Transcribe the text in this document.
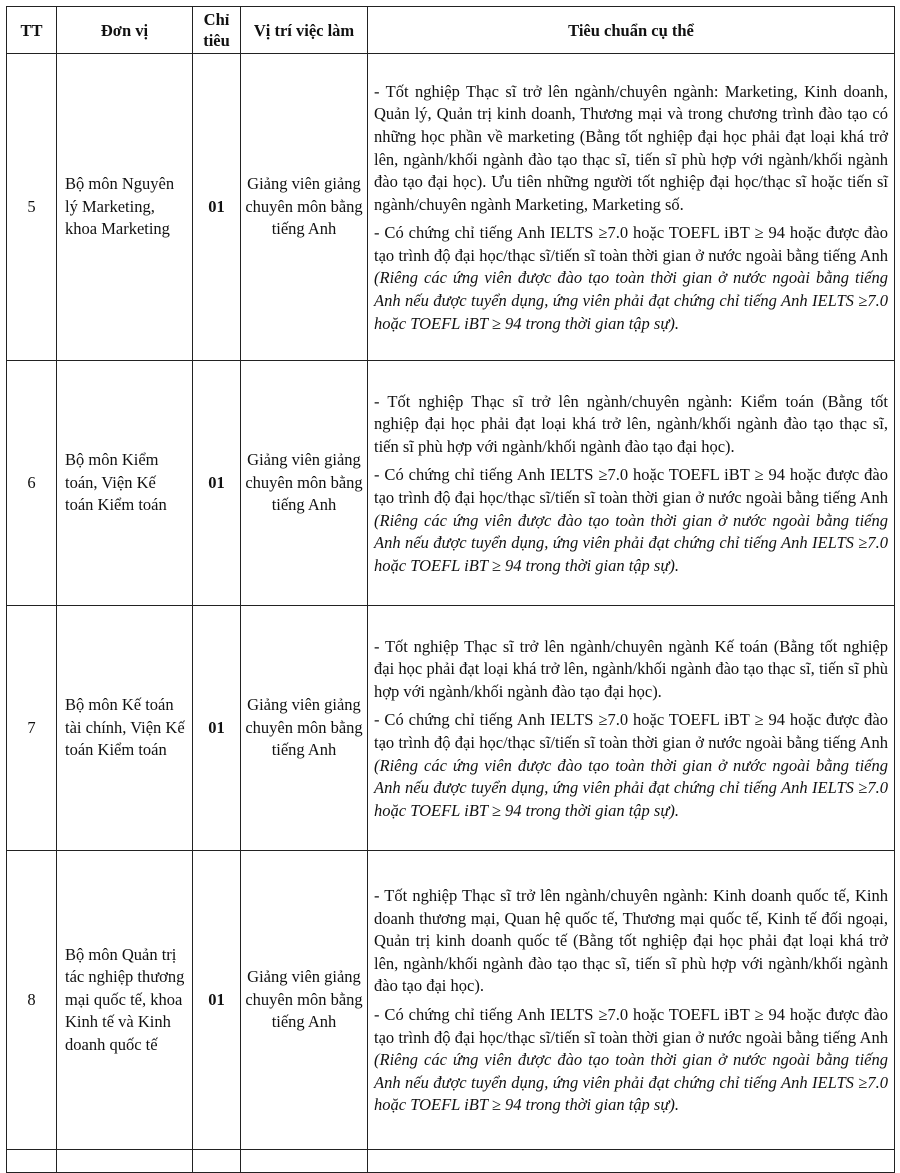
TT	Đơn vị	Chỉ tiêu	Vị trí việc làm	Tiêu chuẩn cụ thể
5	Bộ môn Nguyên lý Marketing, khoa Marketing	01	Giảng viên giảng chuyên môn bằng tiếng Anh	- Tốt nghiệp Thạc sĩ trở lên ngành/chuyên ngành: Marketing, Kinh doanh, Quản lý, Quản trị kinh doanh, Thương mại và trong chương trình đào tạo có những học phần về marketing (Bằng tốt nghiệp đại học phải đạt loại khá trở lên, ngành/khối ngành đào tạo thạc sĩ, tiến sĩ phù hợp với ngành/khối ngành đào tạo đại học). Ưu tiên những người tốt nghiệp đại học/thạc sĩ hoặc tiến sĩ ngành/chuyên ngành Marketing, Marketing số.

- Có chứng chỉ tiếng Anh IELTS ≥7.0 hoặc TOEFL iBT ≥ 94 hoặc được đào tạo trình độ đại học/thạc sĩ/tiến sĩ toàn thời gian ở nước ngoài bằng tiếng Anh (Riêng các ứng viên được đào tạo toàn thời gian ở nước ngoài bằng tiếng Anh nếu được tuyển dụng, ứng viên phải đạt chứng chỉ tiếng Anh IELTS ≥7.0 hoặc TOEFL iBT ≥ 94 trong thời gian tập sự).

6	Bộ môn Kiểm toán, Viện Kế toán Kiểm toán	01	Giảng viên giảng chuyên môn bằng tiếng Anh	- Tốt nghiệp Thạc sĩ trở lên ngành/chuyên ngành: Kiểm toán (Bằng tốt nghiệp đại học phải đạt loại khá trở lên, ngành/khối ngành đào tạo thạc sĩ, tiến sĩ phù hợp với ngành/khối ngành đào tạo đại học).

- Có chứng chỉ tiếng Anh IELTS ≥7.0 hoặc TOEFL iBT ≥ 94 hoặc được đào tạo trình độ đại học/thạc sĩ/tiến sĩ toàn thời gian ở nước ngoài bằng tiếng Anh (Riêng các ứng viên được đào tạo toàn thời gian ở nước ngoài bằng tiếng Anh nếu được tuyển dụng, ứng viên phải đạt chứng chỉ tiếng Anh IELTS ≥7.0 hoặc TOEFL iBT ≥ 94 trong thời gian tập sự).

7	Bộ môn Kế toán tài chính, Viện Kế toán Kiểm toán	01	Giảng viên giảng chuyên môn bằng tiếng Anh	- Tốt nghiệp Thạc sĩ trở lên ngành/chuyên ngành Kế toán (Bằng tốt nghiệp đại học phải đạt loại khá trở lên, ngành/khối ngành đào tạo thạc sĩ, tiến sĩ phù hợp với ngành/khối ngành đào tạo đại học).

- Có chứng chỉ tiếng Anh IELTS ≥7.0 hoặc TOEFL iBT ≥ 94 hoặc được đào tạo trình độ đại học/thạc sĩ/tiến sĩ toàn thời gian ở nước ngoài bằng tiếng Anh (Riêng các ứng viên được đào tạo toàn thời gian ở nước ngoài bằng tiếng Anh nếu được tuyển dụng, ứng viên phải đạt chứng chỉ tiếng Anh IELTS ≥7.0 hoặc TOEFL iBT ≥ 94 trong thời gian tập sự).

8	Bộ môn Quản trị tác nghiệp thương mại quốc tế, khoa Kinh tế và Kinh doanh quốc tế	01	Giảng viên giảng chuyên môn bằng tiếng Anh	- Tốt nghiệp Thạc sĩ trở lên ngành/chuyên ngành: Kinh doanh quốc tế, Kinh doanh thương mại, Quan hệ quốc tế, Thương mại quốc tế, Kinh tế đối ngoại, Quản trị kinh doanh quốc tế (Bằng tốt nghiệp đại học phải đạt loại khá trở lên, ngành/khối ngành đào tạo thạc sĩ, tiến sĩ phù hợp với ngành/khối ngành đào tạo đại học).

- Có chứng chỉ tiếng Anh IELTS ≥7.0 hoặc TOEFL iBT ≥ 94 hoặc được đào tạo trình độ đại học/thạc sĩ/tiến sĩ toàn thời gian ở nước ngoài bằng tiếng Anh (Riêng các ứng viên được đào tạo toàn thời gian ở nước ngoài bằng tiếng Anh nếu được tuyển dụng, ứng viên phải đạt chứng chỉ tiếng Anh IELTS ≥7.0 hoặc TOEFL iBT ≥ 94 trong thời gian tập sự).
